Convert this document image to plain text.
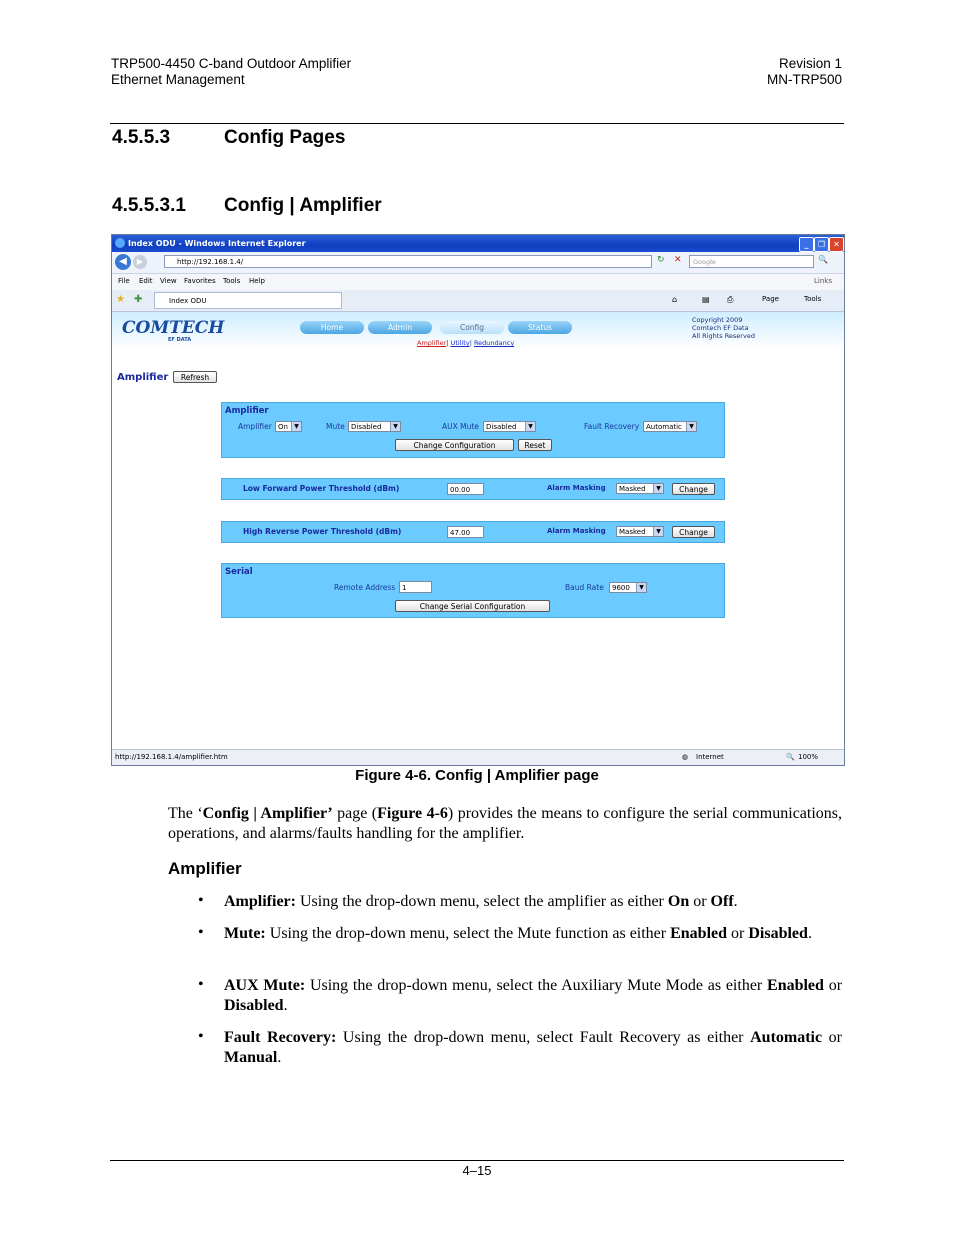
TRP500-4450 C-band Outdoor Amplifier
Ethernet Management
Revision 1
MN-TRP500
4.5.5.3	Config Pages
4.5.5.3.1 Config | Amplifier
Index ODU - Windows Internet Explorer	_	❐	✕
◀	▶	http://192.168.1.4/	↻ ✕	Google	🔍
File Edit View Favorites Tools Help	Links
★ ✚	Index ODU	⌂	▤ ⎙	Page	Tools
COMTECH
EF DATA
Home	Admin	Config	Status
Amplifier| Utility| Redundancy
Copyright 2009
Comtech EF Data
All Rights Reserved
Amplifier	Refresh
Amplifier
Amplifier On	▼	Mute Disabled	▼	AUX Mute	Disabled	▼	Fault Recovery Automatic	▼
Change Configuration	Reset
Low Forward Power Threshold (dBm)	00.00	Alarm Masking	Masked	▼	Change
High Reverse Power Threshold (dBm)	47.00	Alarm Masking	Masked	▼	Change
Serial
Remote Address 1	Baud Rate	9600	▼
Change Serial Configuration
http://192.168.1.4/amplifier.htm	◍ Internet	🔍 100%
Figure 4-6. Config | Amplifier page
The ‘Config | Amplifier’ page (Figure 4-6) provides the means to configure the serial communications, operations, and alarms/faults handling for the amplifier.
Amplifier
• Amplifier: Using the drop-down menu, select the amplifier as either On or Off.
• Mute: Using the drop-down menu, select the Mute function as either Enabled or Disabled.
• AUX Mute: Using the drop-down menu, select the Auxiliary Mute Mode as either Enabled or Disabled.
• Fault Recovery: Using the drop-down menu, select Fault Recovery as either Automatic or Manual.
4–15
